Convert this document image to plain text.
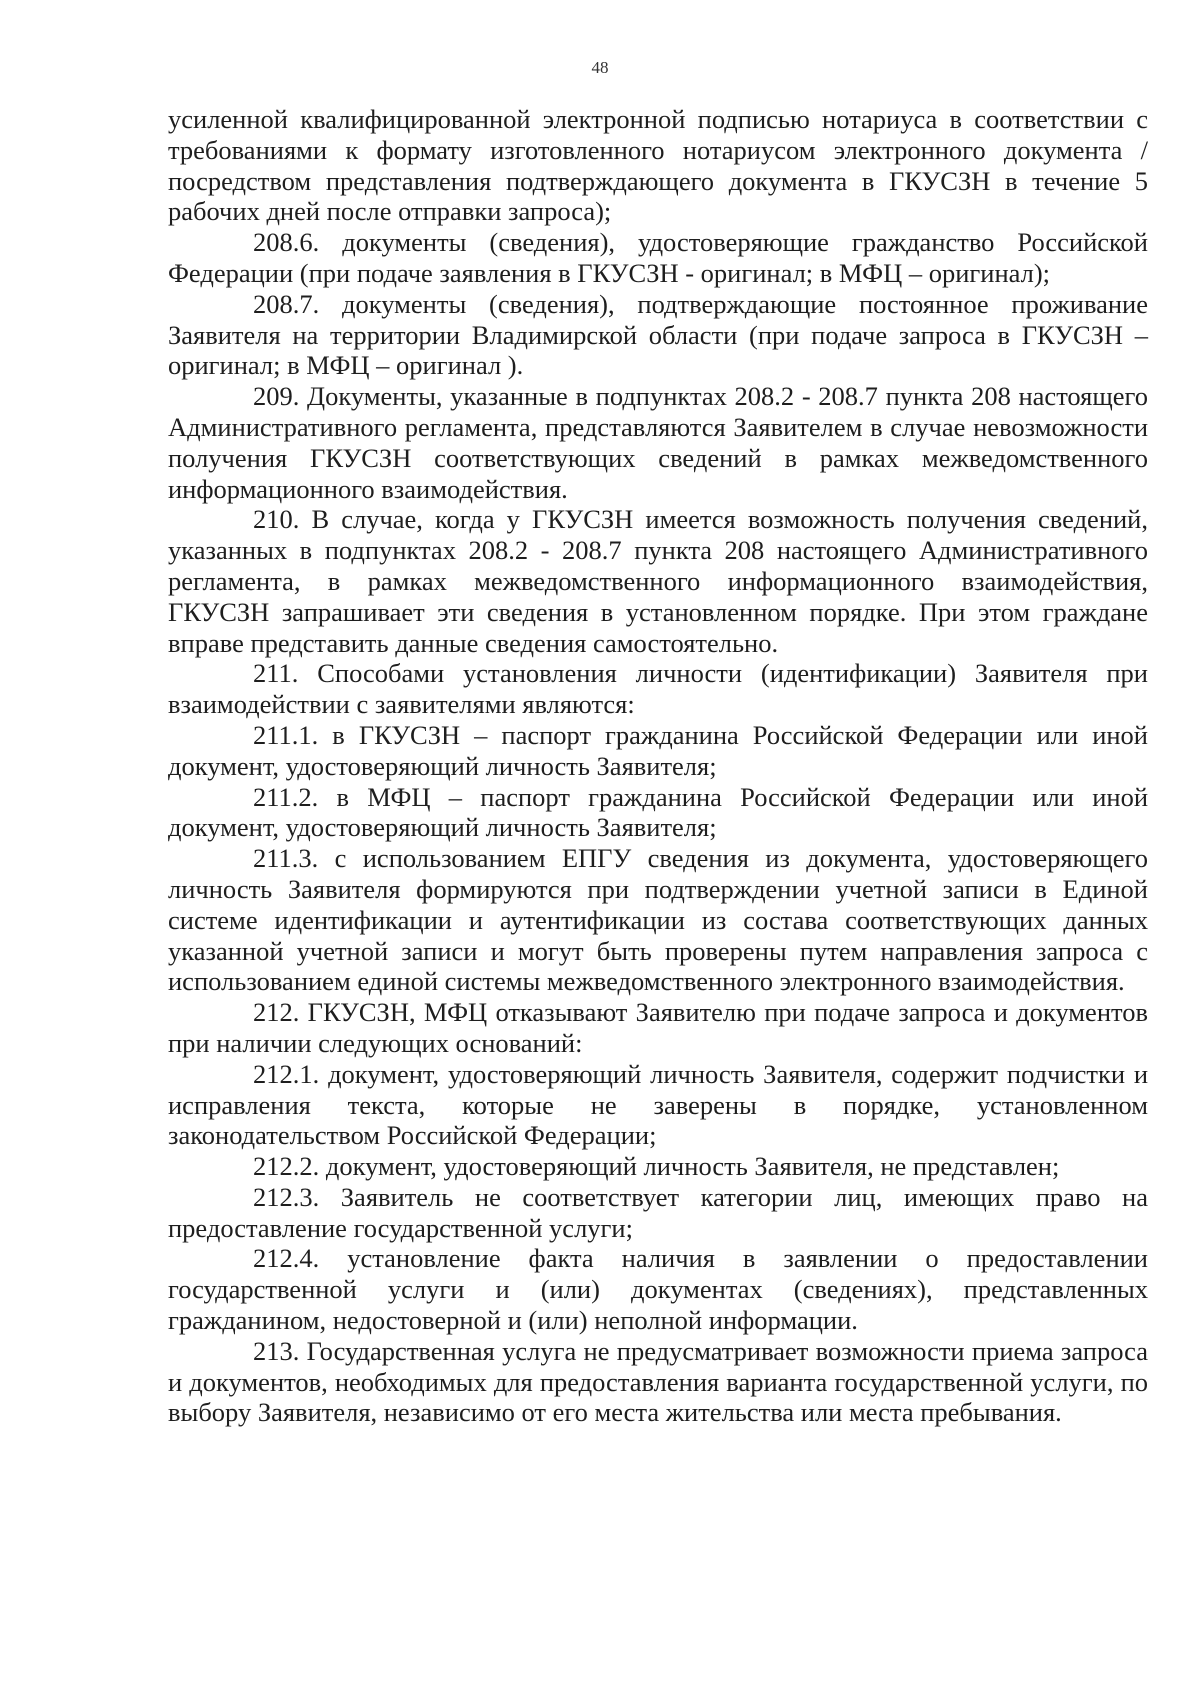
48

усиленной квалифицированной электронной подписью нотариуса в соответствии с требованиями к формату изготовленного нотариусом электронного документа / посредством представления подтверждающего документа в ГКУСЗН в течение 5 рабочих дней после отправки запроса);

208.6. документы (сведения), удостоверяющие гражданство Российской Федерации (при подаче заявления в ГКУСЗН - оригинал; в МФЦ – оригинал);

208.7. документы (сведения), подтверждающие постоянное проживание Заявителя на территории Владимирской области (при подаче запроса в ГКУСЗН – оригинал; в МФЦ – оригинал ).

209. Документы, указанные в подпунктах 208.2 - 208.7 пункта 208 настоящего Административного регламента, представляются Заявителем в случае невозможности получения ГКУСЗН соответствующих сведений в рамках межведомственного информационного взаимодействия.

210. В случае, когда у ГКУСЗН имеется возможность получения сведений, указанных в подпунктах 208.2 - 208.7 пункта 208 настоящего Административного регламента, в рамках межведомственного информационного взаимодействия, ГКУСЗН запрашивает эти сведения в установленном порядке. При этом граждане вправе представить данные сведения самостоятельно.

211. Способами установления личности (идентификации) Заявителя при взаимодействии с заявителями являются:

211.1. в ГКУСЗН – паспорт гражданина Российской Федерации или иной документ, удостоверяющий личность Заявителя;

211.2. в МФЦ – паспорт гражданина Российской Федерации или иной документ, удостоверяющий личность Заявителя;

211.3. с использованием ЕПГУ сведения из документа, удостоверяющего личность Заявителя формируются при подтверждении учетной записи в Единой системе идентификации и аутентификации из состава соответствующих данных указанной учетной записи и могут быть проверены путем направления запроса с использованием единой системы межведомственного электронного взаимодействия.

212. ГКУСЗН, МФЦ отказывают Заявителю при подаче запроса и документов при наличии следующих оснований:

212.1. документ, удостоверяющий личность Заявителя, содержит подчистки и исправления текста, которые не заверены в порядке, установленном законодательством Российской Федерации;

212.2. документ, удостоверяющий личность Заявителя, не представлен;

212.3. Заявитель не соответствует категории лиц, имеющих право на предоставление государственной услуги;

212.4. установление факта наличия в заявлении о предоставлении государственной услуги и (или) документах (сведениях), представленных гражданином, недостоверной и (или) неполной информации.

213. Государственная услуга не предусматривает возможности приема запроса и документов, необходимых для предоставления варианта государственной услуги, по выбору Заявителя, независимо от его места жительства или места пребывания.
